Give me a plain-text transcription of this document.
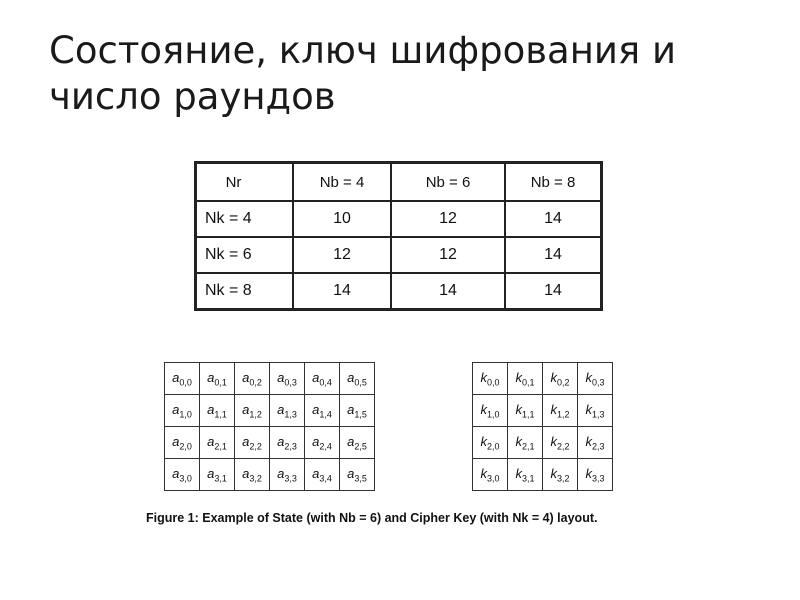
Состояние, ключ шифрования и число раундов
Nr	Nb = 4	Nb = 6	Nb = 8
Nk = 4	10	12	14
Nk = 6	12	12	14
Nk = 8	14	14	14
$a_{0,0}$	$a_{0,1}$	$a_{0,2}$	$a_{0,3}$	$a_{0,4}$	$a_{0,5}$
$a_{1,0}$	$a_{1,1}$	$a_{1,2}$	$a_{1,3}$	$a_{1,4}$	$a_{1,5}$
$a_{2,0}$	$a_{2,1}$	$a_{2,2}$	$a_{2,3}$	$a_{2,4}$	$a_{2,5}$
$a_{3,0}$	$a_{3,1}$	$a_{3,2}$	$a_{3,3}$	$a_{3,4}$	$a_{3,5}$
$k_{0,0}$	$k_{0,1}$	$k_{0,2}$	$k_{0,3}$
$k_{1,0}$	$k_{1,1}$	$k_{1,2}$	$k_{1,3}$
$k_{2,0}$	$k_{2,1}$	$k_{2,2}$	$k_{2,3}$
$k_{3,0}$	$k_{3,1}$	$k_{3,2}$	$k_{3,3}$
Figure 1: Example of State (with Nb = 6) and Cipher Key (with Nk = 4) layout.
